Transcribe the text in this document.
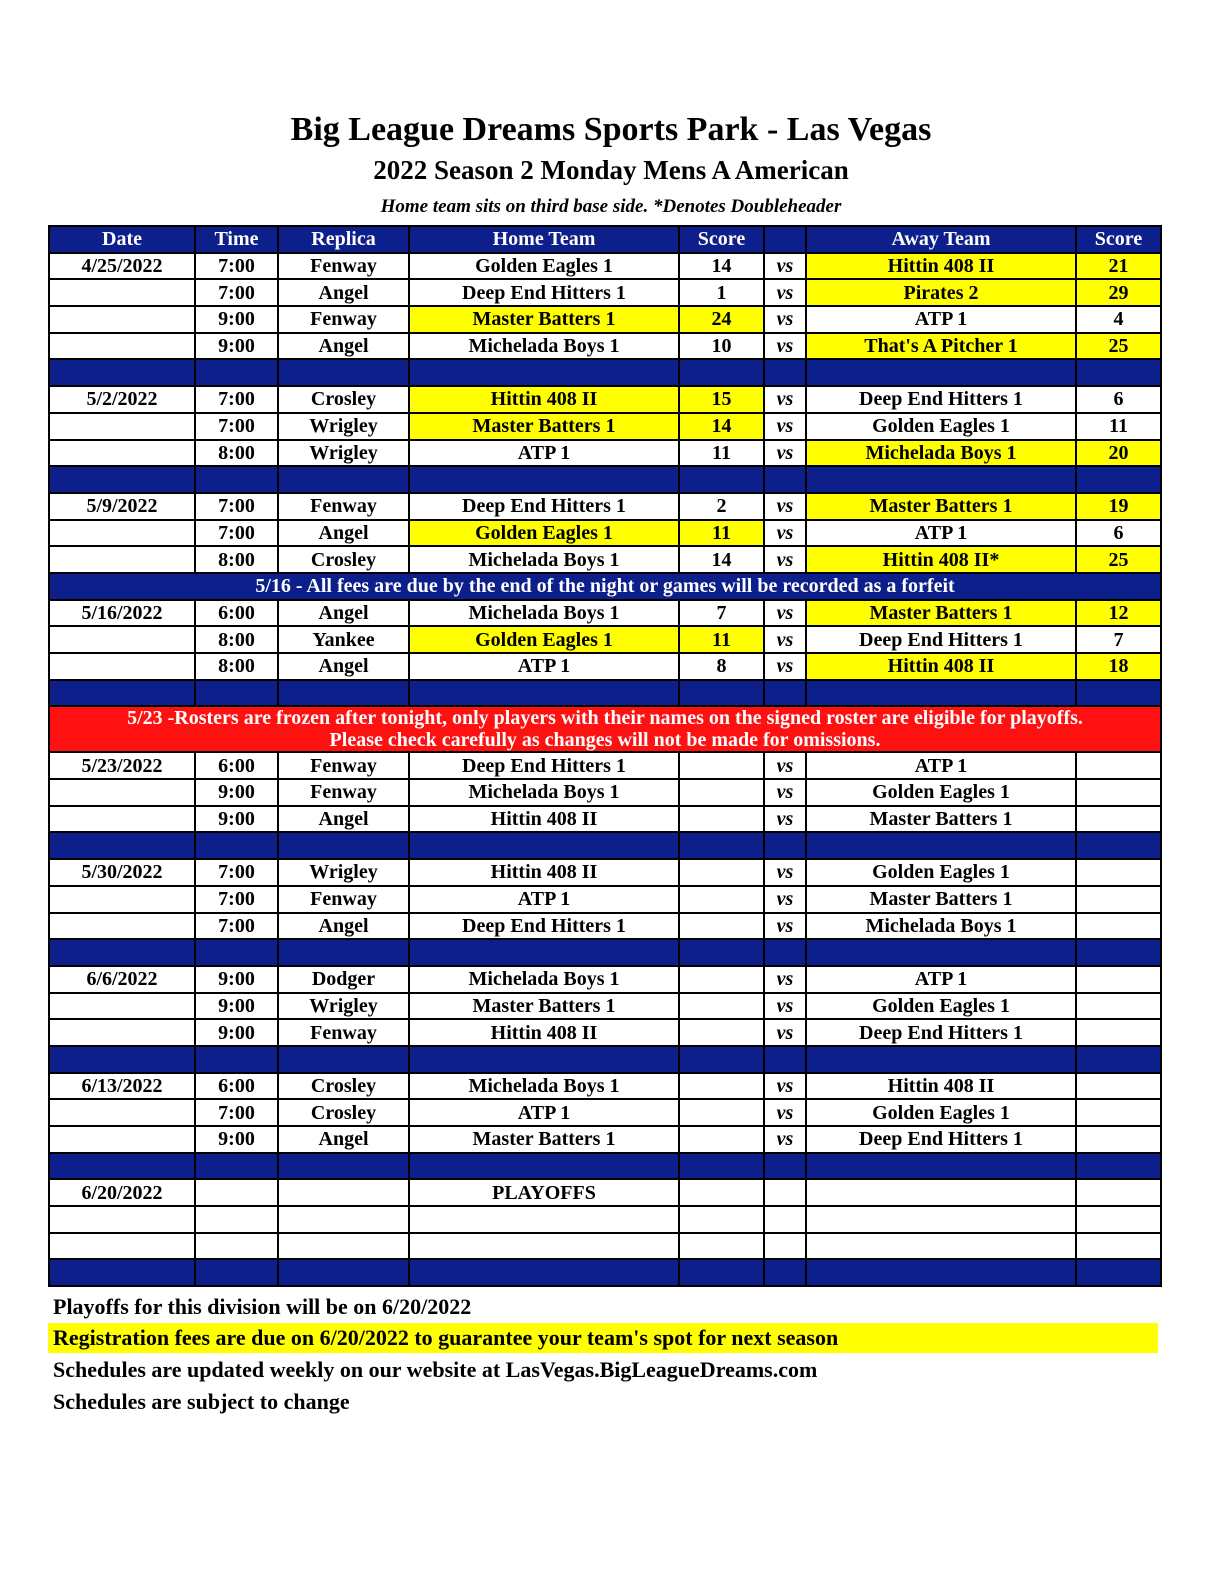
Big League Dreams Sports Park - Las Vegas
2022 Season 2 Monday Mens A American
Home team sits on third base side. *Denotes Doubleheader
Date	Time	Replica	Home Team	Score		Away Team	Score
4/25/2022	7:00	Fenway	Golden Eagles 1	14	vs	Hittin 408 II	21
	7:00	Angel	Deep End Hitters 1	1	vs	Pirates 2	29
	9:00	Fenway	Master Batters 1	24	vs	ATP 1	4
	9:00	Angel	Michelada Boys 1	10	vs	That's A Pitcher 1	25

5/2/2022	7:00	Crosley	Hittin 408 II	15	vs	Deep End Hitters 1	6
	7:00	Wrigley	Master Batters 1	14	vs	Golden Eagles 1	11
	8:00	Wrigley	ATP 1	11	vs	Michelada Boys 1	20

5/9/2022	7:00	Fenway	Deep End Hitters 1	2	vs	Master Batters 1	19
	7:00	Angel	Golden Eagles 1	11	vs	ATP 1	6
	8:00	Crosley	Michelada Boys 1	14	vs	Hittin 408 II*	25
5/16 - All fees are due by the end of the night or games will be recorded as a forfeit							
5/16/2022	6:00	Angel	Michelada Boys 1	7	vs	Master Batters 1	12
	8:00	Yankee	Golden Eagles 1	11	vs	Deep End Hitters 1	7
	8:00	Angel	ATP 1	8	vs	Hittin 408 II	18

5/23 -Rosters are frozen after tonight, only players with their names on the signed roster are eligible for playoffs.
Please check carefully as changes will not be made for omissions.							

5/23/2022	6:00	Fenway	Deep End Hitters 1		vs	ATP 1	
	9:00	Fenway	Michelada Boys 1		vs	Golden Eagles 1	
	9:00	Angel	Hittin 408 II		vs	Master Batters 1	

5/30/2022	7:00	Wrigley	Hittin 408 II		vs	Golden Eagles 1	
	7:00	Fenway	ATP 1		vs	Master Batters 1	
	7:00	Angel	Deep End Hitters 1		vs	Michelada Boys 1	

6/6/2022	9:00	Dodger	Michelada Boys 1		vs	ATP 1	
	9:00	Wrigley	Master Batters 1		vs	Golden Eagles 1	
	9:00	Fenway	Hittin 408 II		vs	Deep End Hitters 1	

6/13/2022	6:00	Crosley	Michelada Boys 1		vs	Hittin 408 II	
	7:00	Crosley	ATP 1		vs	Golden Eagles 1	
	9:00	Angel	Master Batters 1		vs	Deep End Hitters 1	

6/20/2022			PLAYOFFS				

Playoffs for this division will be on 6/20/2022
Registration fees are due on 6/20/2022 to guarantee your team's spot for next season
Schedules are updated weekly on our website at LasVegas.BigLeagueDreams.com
Schedules are subject to change
